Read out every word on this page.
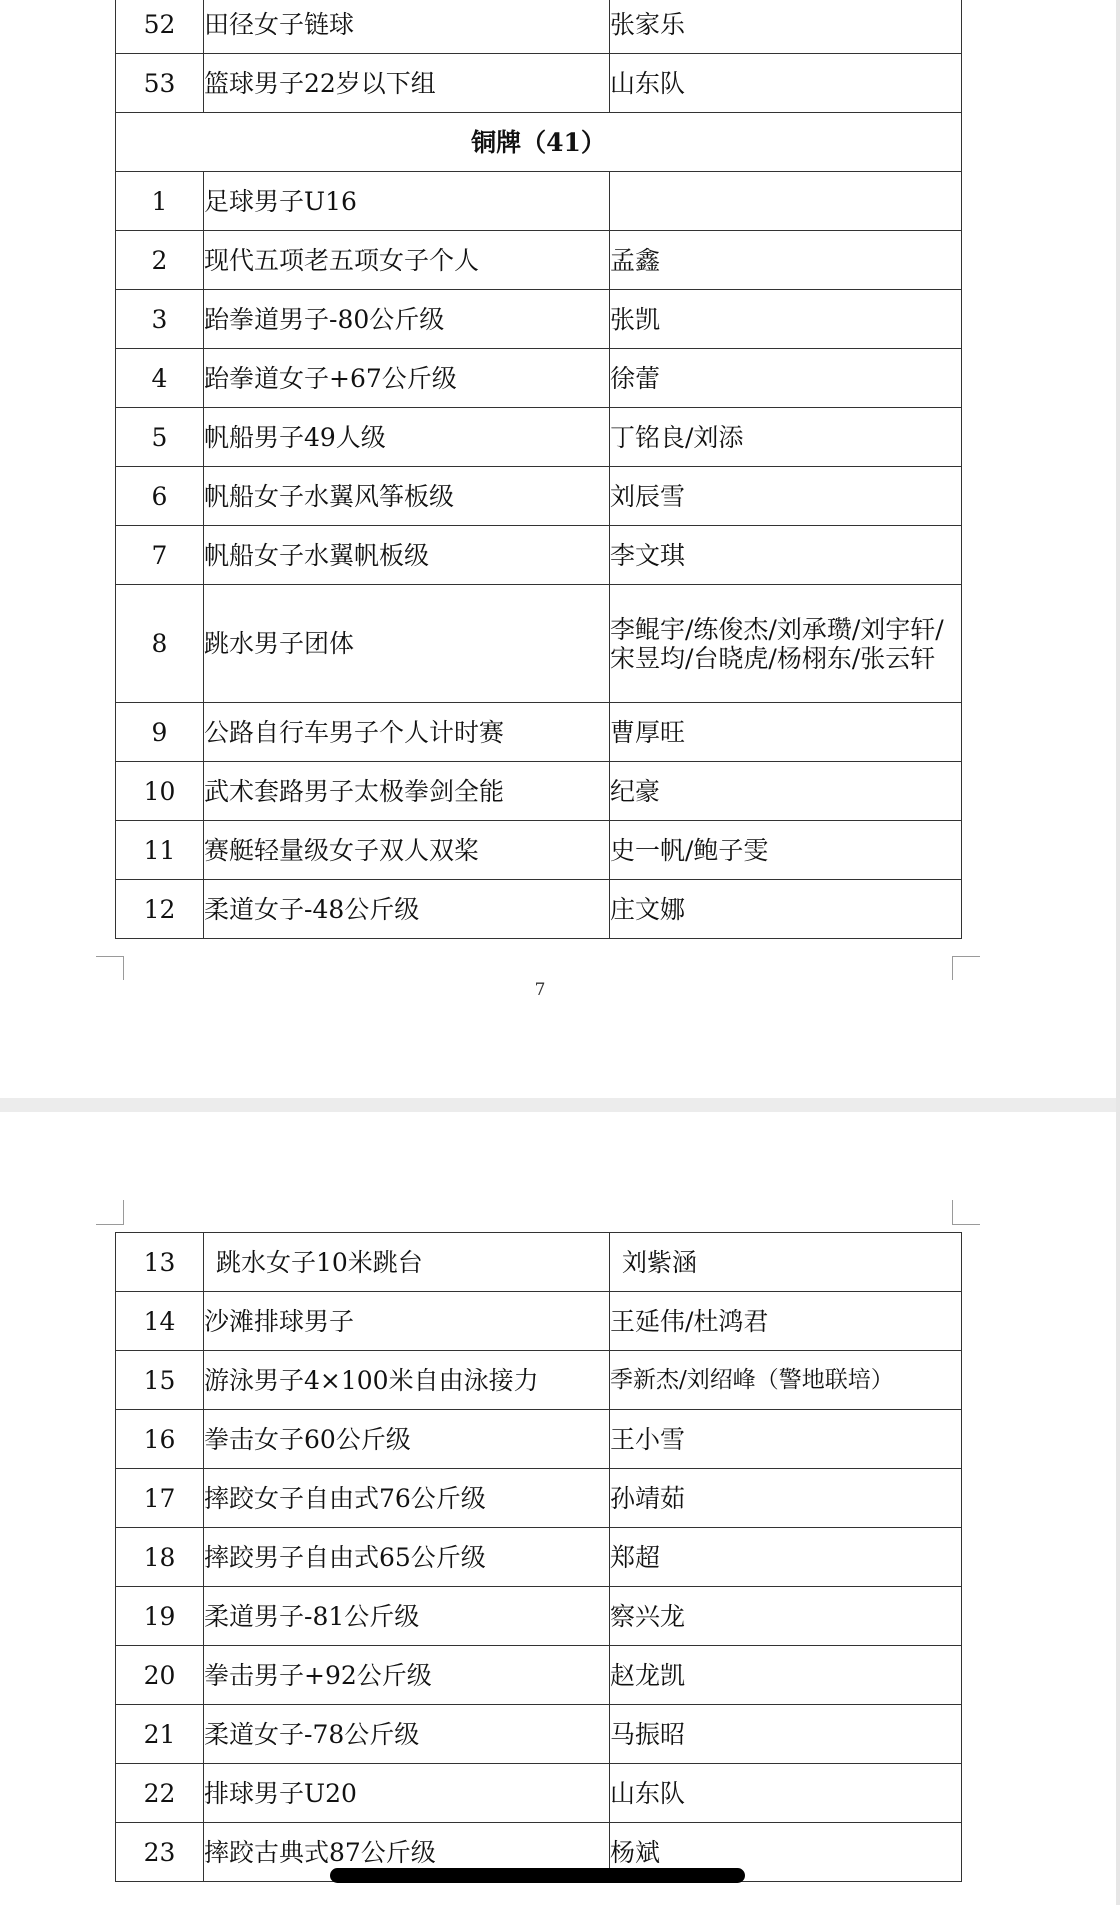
52	田径女子链球	张家乐
53	篮球男子22岁以下组	山东队
铜牌（41）		
1	足球男子U16	
2	现代五项老五项女子个人	孟鑫
3	跆拳道男子-80公斤级	张凯
4	跆拳道女子+67公斤级	徐蕾
5	帆船男子49人级	丁铭良/刘添
6	帆船女子水翼风筝板级	刘辰雪
7	帆船女子水翼帆板级	李文琪
8	跳水男子团体	李鲲宇/练俊杰/刘承瓒/刘宇轩/宋昱均/台晓虎/杨栩东/张云轩
9	公路自行车男子个人计时赛	曹厚旺
10	武术套路男子太极拳剑全能	纪豪
11	赛艇轻量级女子双人双桨	史一帆/鲍子雯
12	柔道女子-48公斤级	庄文娜
7
13	跳水女子10米跳台	刘紫涵
14	沙滩排球男子	王延伟/杜鸿君
15	游泳男子4×100米自由泳接力	季新杰/刘绍峰（警地联培）
16	拳击女子60公斤级	王小雪
17	摔跤女子自由式76公斤级	孙靖茹
18	摔跤男子自由式65公斤级	郑超
19	柔道男子-81公斤级	察兴龙
20	拳击男子+92公斤级	赵龙凯
21	柔道女子-78公斤级	马振昭
22	排球男子U20	山东队
23	摔跤古典式87公斤级	杨斌
